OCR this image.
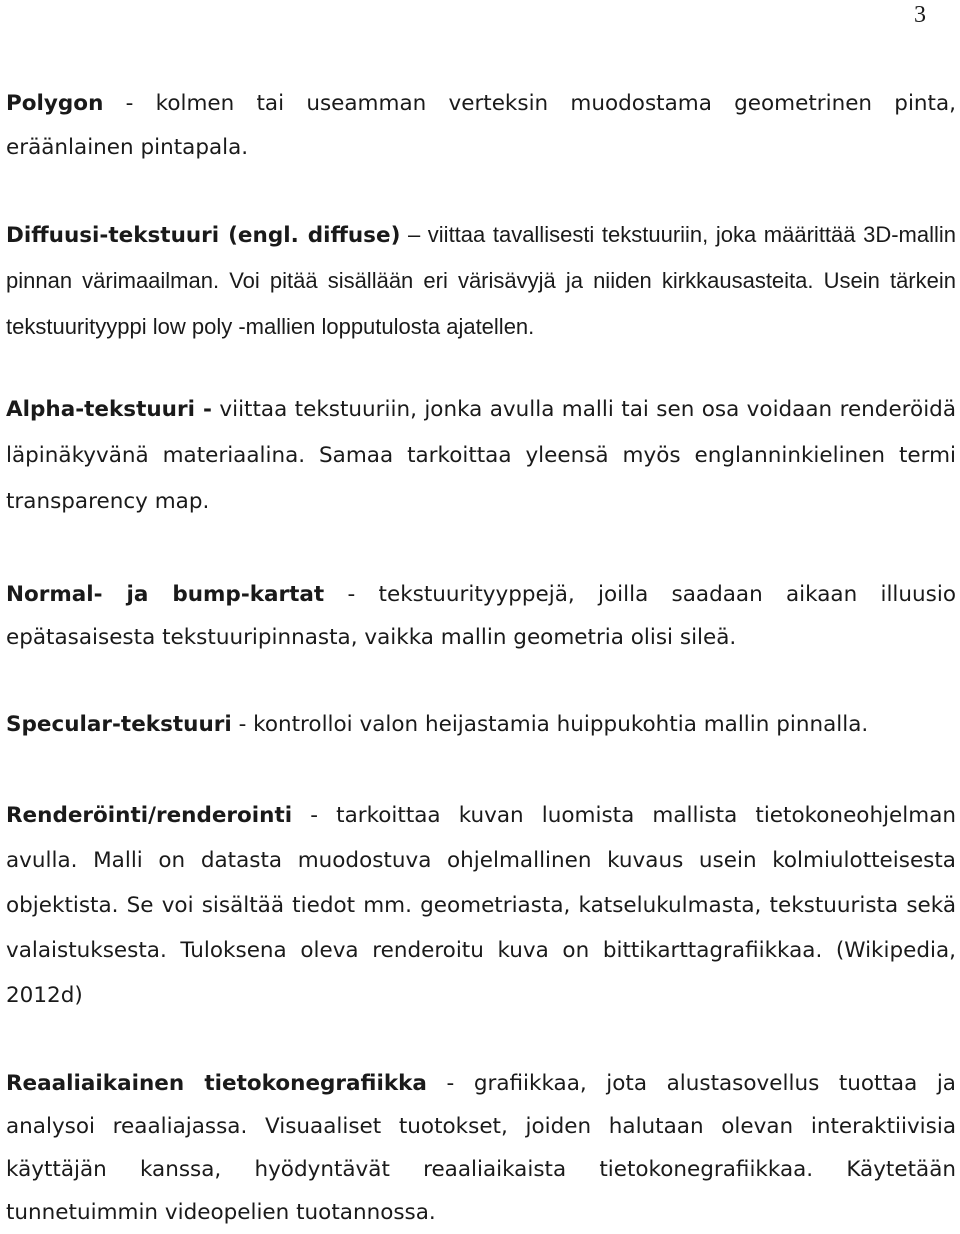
3

Polygon - kolmen tai useamman verteksin muodostama geometrinen pinta, eräänlainen pintapala.

Diffuusi-tekstuuri (engl. diffuse) – viittaa tavallisesti tekstuuriin, joka määrittää 3D-mallin pinnan värimaailman. Voi pitää sisällään eri värisävyjä ja niiden kirkkausasteita. Usein tärkein tekstuurityyppi low poly -mallien lopputulosta ajatellen.

Alpha-tekstuuri - viittaa tekstuuriin, jonka avulla malli tai sen osa voidaan renderöidä läpinäkyvänä materiaalina. Samaa tarkoittaa yleensä myös englanninkielinen termi transparency map.

Normal- ja bump-kartat - tekstuurityyppejä, joilla saadaan aikaan illuusio epätasaisesta tekstuuripinnasta, vaikka mallin geometria olisi sileä.

Specular-tekstuuri - kontrolloi valon heijastamia huippukohtia mallin pinnalla.

Renderöinti/renderointi - tarkoittaa kuvan luomista mallista tietokoneohjelman avulla. Malli on datasta muodostuva ohjelmallinen kuvaus usein kolmiulotteisesta objektista. Se voi sisältää tiedot mm. geometriasta, katselukulmasta, tekstuurista sekä valaistuksesta. Tuloksena oleva renderoitu kuva on bittikarttagrafiikkaa. (Wikipedia, 2012d)

Reaaliaikainen tietokonegrafiikka - grafiikkaa, jota alustasovellus tuottaa ja analysoi reaaliajassa. Visuaaliset tuotokset, joiden halutaan olevan interaktiivisia käyttäjän kanssa, hyödyntävät reaaliaikaista tietokonegrafiikkaa. Käytetään tunnetuimmin videopelien tuotannossa.
